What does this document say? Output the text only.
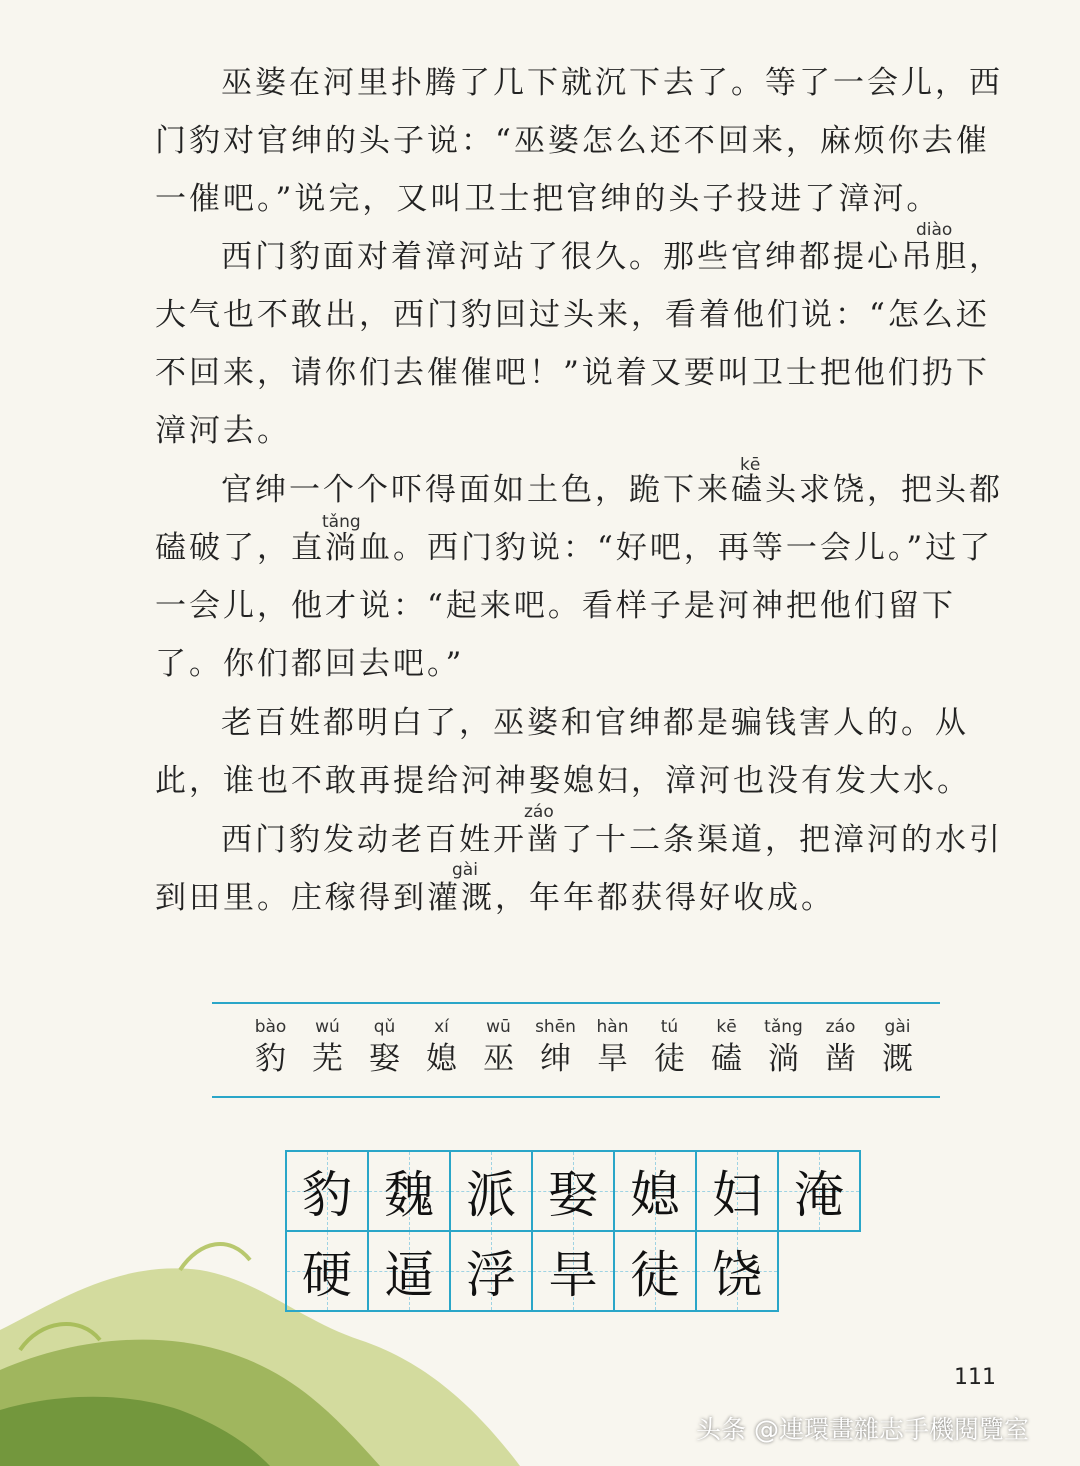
巫婆在河里扑腾了几下就沉下去了。等了一会儿，西门豹对官绅的头子说：“巫婆怎么还不回来，麻烦你去催一催吧。”说完，又叫卫士把官绅的头子投进了漳河。
西门豹面对着漳河站了很久。那些官绅都提心吊胆，大气也不敢出，西门豹回过头来，看着他们说：“怎么还不回来，请你们去催催吧！”说着又要叫卫士把他们扔下漳河去。
官绅一个个吓得面如土色，跪下来磕头求饶，把头都磕破了，直淌血。西门豹说：“好吧，再等一会儿。”过了一会儿，他才说：“起来吧。看样子是河神把他们留下了。你们都回去吧。”
老百姓都明白了，巫婆和官绅都是骗钱害人的。从此，谁也不敢再提给河神娶媳妇，漳河也没有发大水。
西门豹发动老百姓开凿了十二条渠道，把漳河的水引到田里。庄稼得到灌溉，年年都获得好收成。
diào
kē
tǎng
záo
gài
bào
豹
wú
芜
qǔ
娶
xí
媳
wū
巫
shēn
绅
hàn
旱
tú
徒
kē
磕
tǎng
淌
záo
凿
gài
溉
豹 魏 派 娶 媳 妇 淹
硬 逼 浮 旱 徒 饶
111
头条 @連環畫雜志手機閱覽室
